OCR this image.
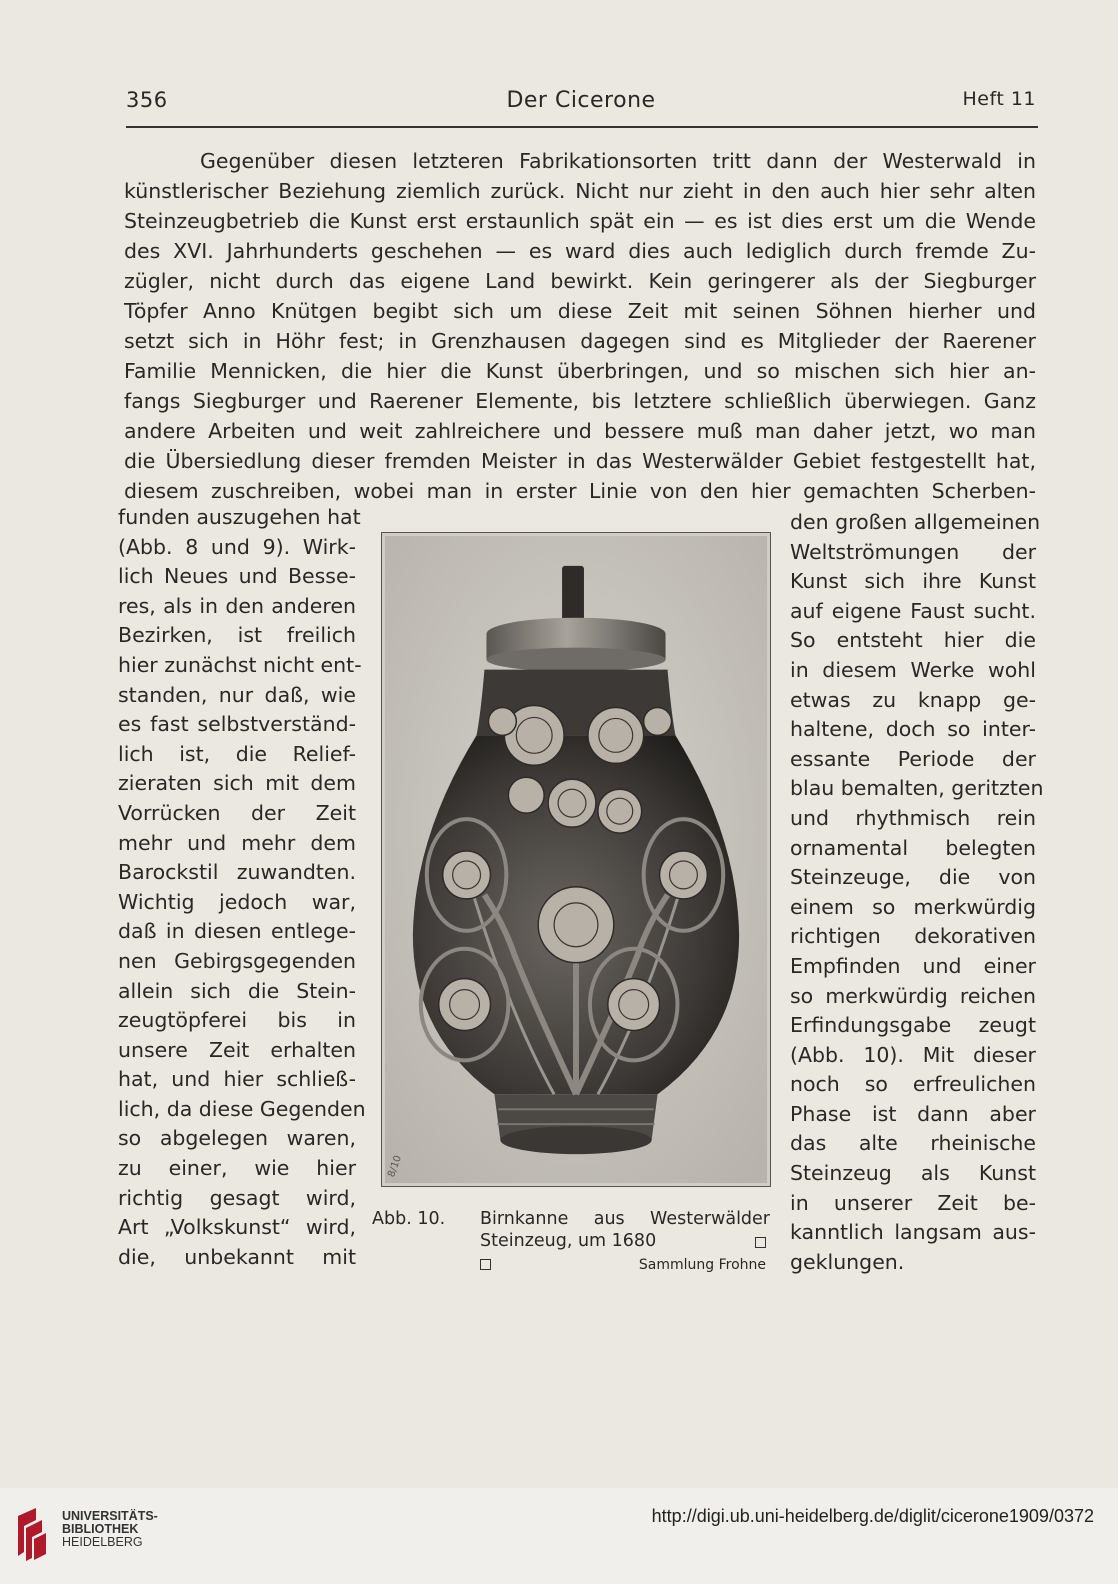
356	Der Cicerone	Heft 11
Gegenüber diesen letzteren Fabrikationsorten tritt dann der Westerwald in
künstlerischer Beziehung ziemlich zurück. Nicht nur zieht in den auch hier sehr alten
Steinzeugbetrieb die Kunst erst erstaunlich spät ein — es ist dies erst um die Wende
des XVI. Jahrhunderts geschehen — es ward dies auch lediglich durch fremde Zu-
zügler, nicht durch das eigene Land bewirkt. Kein geringerer als der Siegburger
Töpfer Anno Knütgen begibt sich um diese Zeit mit seinen Söhnen hierher und
setzt sich in Höhr fest; in Grenzhausen dagegen sind es Mitglieder der Raerener
Familie Mennicken, die hier die Kunst überbringen, und so mischen sich hier an-
fangs Siegburger und Raerener Elemente, bis letztere schließlich überwiegen. Ganz
andere Arbeiten und weit zahlreichere und bessere muß man daher jetzt, wo man
die Übersiedlung dieser fremden Meister in das Westerwälder Gebiet festgestellt hat,
diesem zuschreiben, wobei man in erster Linie von den hier gemachten Scherben-
funden auszugehen hat
(Abb. 8 und 9). Wirk-
lich Neues und Besse-
res, als in den anderen
Bezirken, ist freilich
hier zunächst nicht ent-
standen, nur daß, wie
es fast selbstverständ-
lich ist, die Relief-
zieraten sich mit dem
Vorrücken der Zeit
mehr und mehr dem
Barockstil zuwandten.
Wichtig jedoch war,
daß in diesen entlege-
nen Gebirgsgegenden
allein sich die Stein-
zeugtöpferei bis in
unsere Zeit erhalten
hat, und hier schließ-
lich, da diese Gegenden
so abgelegen waren,
zu einer, wie hier
richtig gesagt wird,
Art „Volkskunst“ wird,
die, unbekannt mit
8/10
Abb. 10. Birnkanne aus Westerwälder
Steinzeug, um 1680
Sammlung Frohne
den großen allgemeinen
Weltströmungen der
Kunst sich ihre Kunst
auf eigene Faust sucht.
So entsteht hier die
in diesem Werke wohl
etwas zu knapp ge-
haltene, doch so inter-
essante Periode der
blau bemalten, geritzten
und rhythmisch rein
ornamental belegten
Steinzeuge, die von
einem so merkwürdig
richtigen dekorativen
Empfinden und einer
so merkwürdig reichen
Erfindungsgabe zeugt
(Abb. 10). Mit dieser
noch so erfreulichen
Phase ist dann aber
das alte rheinische
Steinzeug als Kunst
in unserer Zeit be-
kanntlich langsam aus-
geklungen.
UNIVERSITÄTS-
BIBLIOTHEK
HEIDELBERG
http://digi.ub.uni-heidelberg.de/diglit/cicerone1909/0372
